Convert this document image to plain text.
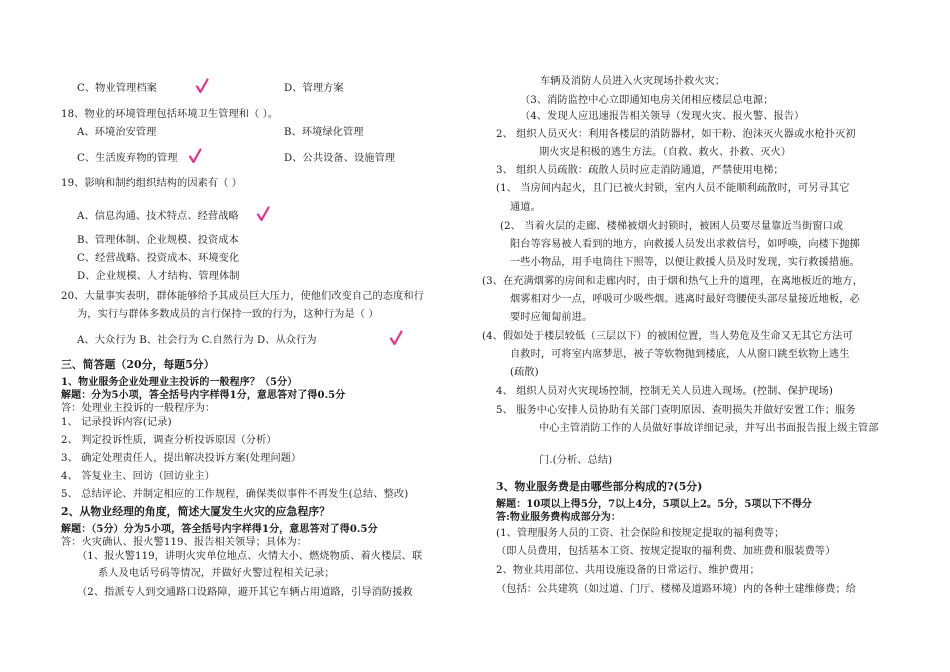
C、物业管理档案	D、管理方案
18、物业的环境管理包括环境卫生管理和（ ）。
A、环境治安管理	B、环境绿化管理
C、生活废弃物的管理	D、公共设备、设施管理
19、影响和制约组织结构的因素有（ ）
A、信息沟通、技术特点、经营战略
B、管理体制、企业规模、投资成本
C、经营战略、投资成本、环境变化
D、企业规模、人才结构、管理体制
20、大量事实表明，群体能够给予其成员巨大压力，使他们改变自己的态度和行
为，实行与群体多数成员的言行保持一致的行为，这种行为是（ ）
A、大众行为 B、社会行为 C.自然行为 D、从众行为
三、简答题（20分，每题5分）
1、物业服务企业处理业主投诉的一般程序？（5分）
解题：分为5小项，答全括号内字样得1分，意思答对了得0.5分
答：处理业主投诉的一般程序为：
1、 记录投诉内容(记录)
2、 判定投诉性质，调查分析投诉原因（分析）
3、 确定处理责任人，提出解决投诉方案(处理问题）
4、 答复业主、回访（回访业主）
5、 总结评论、并制定相应的工作规程，确保类似事件不再发生(总结、整改)
2、从物业经理的角度，简述大厦发生火灾的应急程序？
解题：（5分）分为5小项，答全括号内字样得1分，意思答对了得0.5分
答：火灾确认、报火警119、报告相关领导；具体为：
（1、报火警119，讲明火灾单位地点、火情大小、燃烧物质、着火楼层、联
系人及电话号码等情况，并做好火警过程相关记录；
（2、指派专人到交通路口设路障，避开其它车辆占用道路，引导消防援救
车辆及消防人员进入火灾现场扑救火灾；
（3、消防监控中心立即通知电房关闭相应楼层总电源；
（4、发现人应迅速报告相关领导（发现火灾、报火警、报告）
2、 组织人员灭火：利用各楼层的消防器材，如干粉、泡沫灭火器或水枪扑灭初
期火灾是积极的逃生方法。（自救、救火、扑救、灭火）
3、 组织人员疏散：疏散人员时应走消防通道，严禁使用电梯；
(1、 当房间内起火，且门已被火封锁，室内人员不能顺利疏散时，可另寻其它
通道。
(2、 当着火层的走廊、楼梯被烟火封锁时，被困人员要尽量靠近当街窗口或
阳台等容易被人看到的地方，向救援人员发出求救信号，如呼唤，向楼下抛掷
一些小物品，用手电筒往下照等，以便让救援人员及时发现，实行救援措施。
(3、在充满烟雾的房间和走廊内时，由于烟和热气上升的道理，在离地板近的地方，
烟雾相对少一点，呼吸可少吸些烟。逃离时最好弯腰使头部尽量接近地板，必
要时应匍匐前进。
(4、假如处于楼层较低（三层以下）的被困位置，当人势危及生命又无其它方法可
自救时，可将室内席梦思，被子等软物抛到楼底，人从窗口跳至软物上逃生
(疏散)
4、 组织人员对火灾现场控制，控制无关人员进入现场。(控制、保护现场)
5、 服务中心安排人员协助有关部门查明原因、查明损失并做好安置工作；服务
中心主管消防工作的人员做好事故详细记录，并写出书面报告报上级主管部
门.(分析、总结)
3、物业服务费是由哪些部分构成的?(5分)
解题：10项以上得5分，7以上4分，5项以上2。5分，5项以下不得分
答:物业服务费构成部分为：
(1、管理服务人员的工资、社会保险和按规定提取的福利费等；
（即人员费用，包括基本工资、按规定提取的福利费、加班费和服装费等）
2、物业共用部位、共用设施设备的日常运行、维护费用；
（包括：公共建筑（如过道、门厅、楼梯及道路环境）内的各种土建维修费；给
